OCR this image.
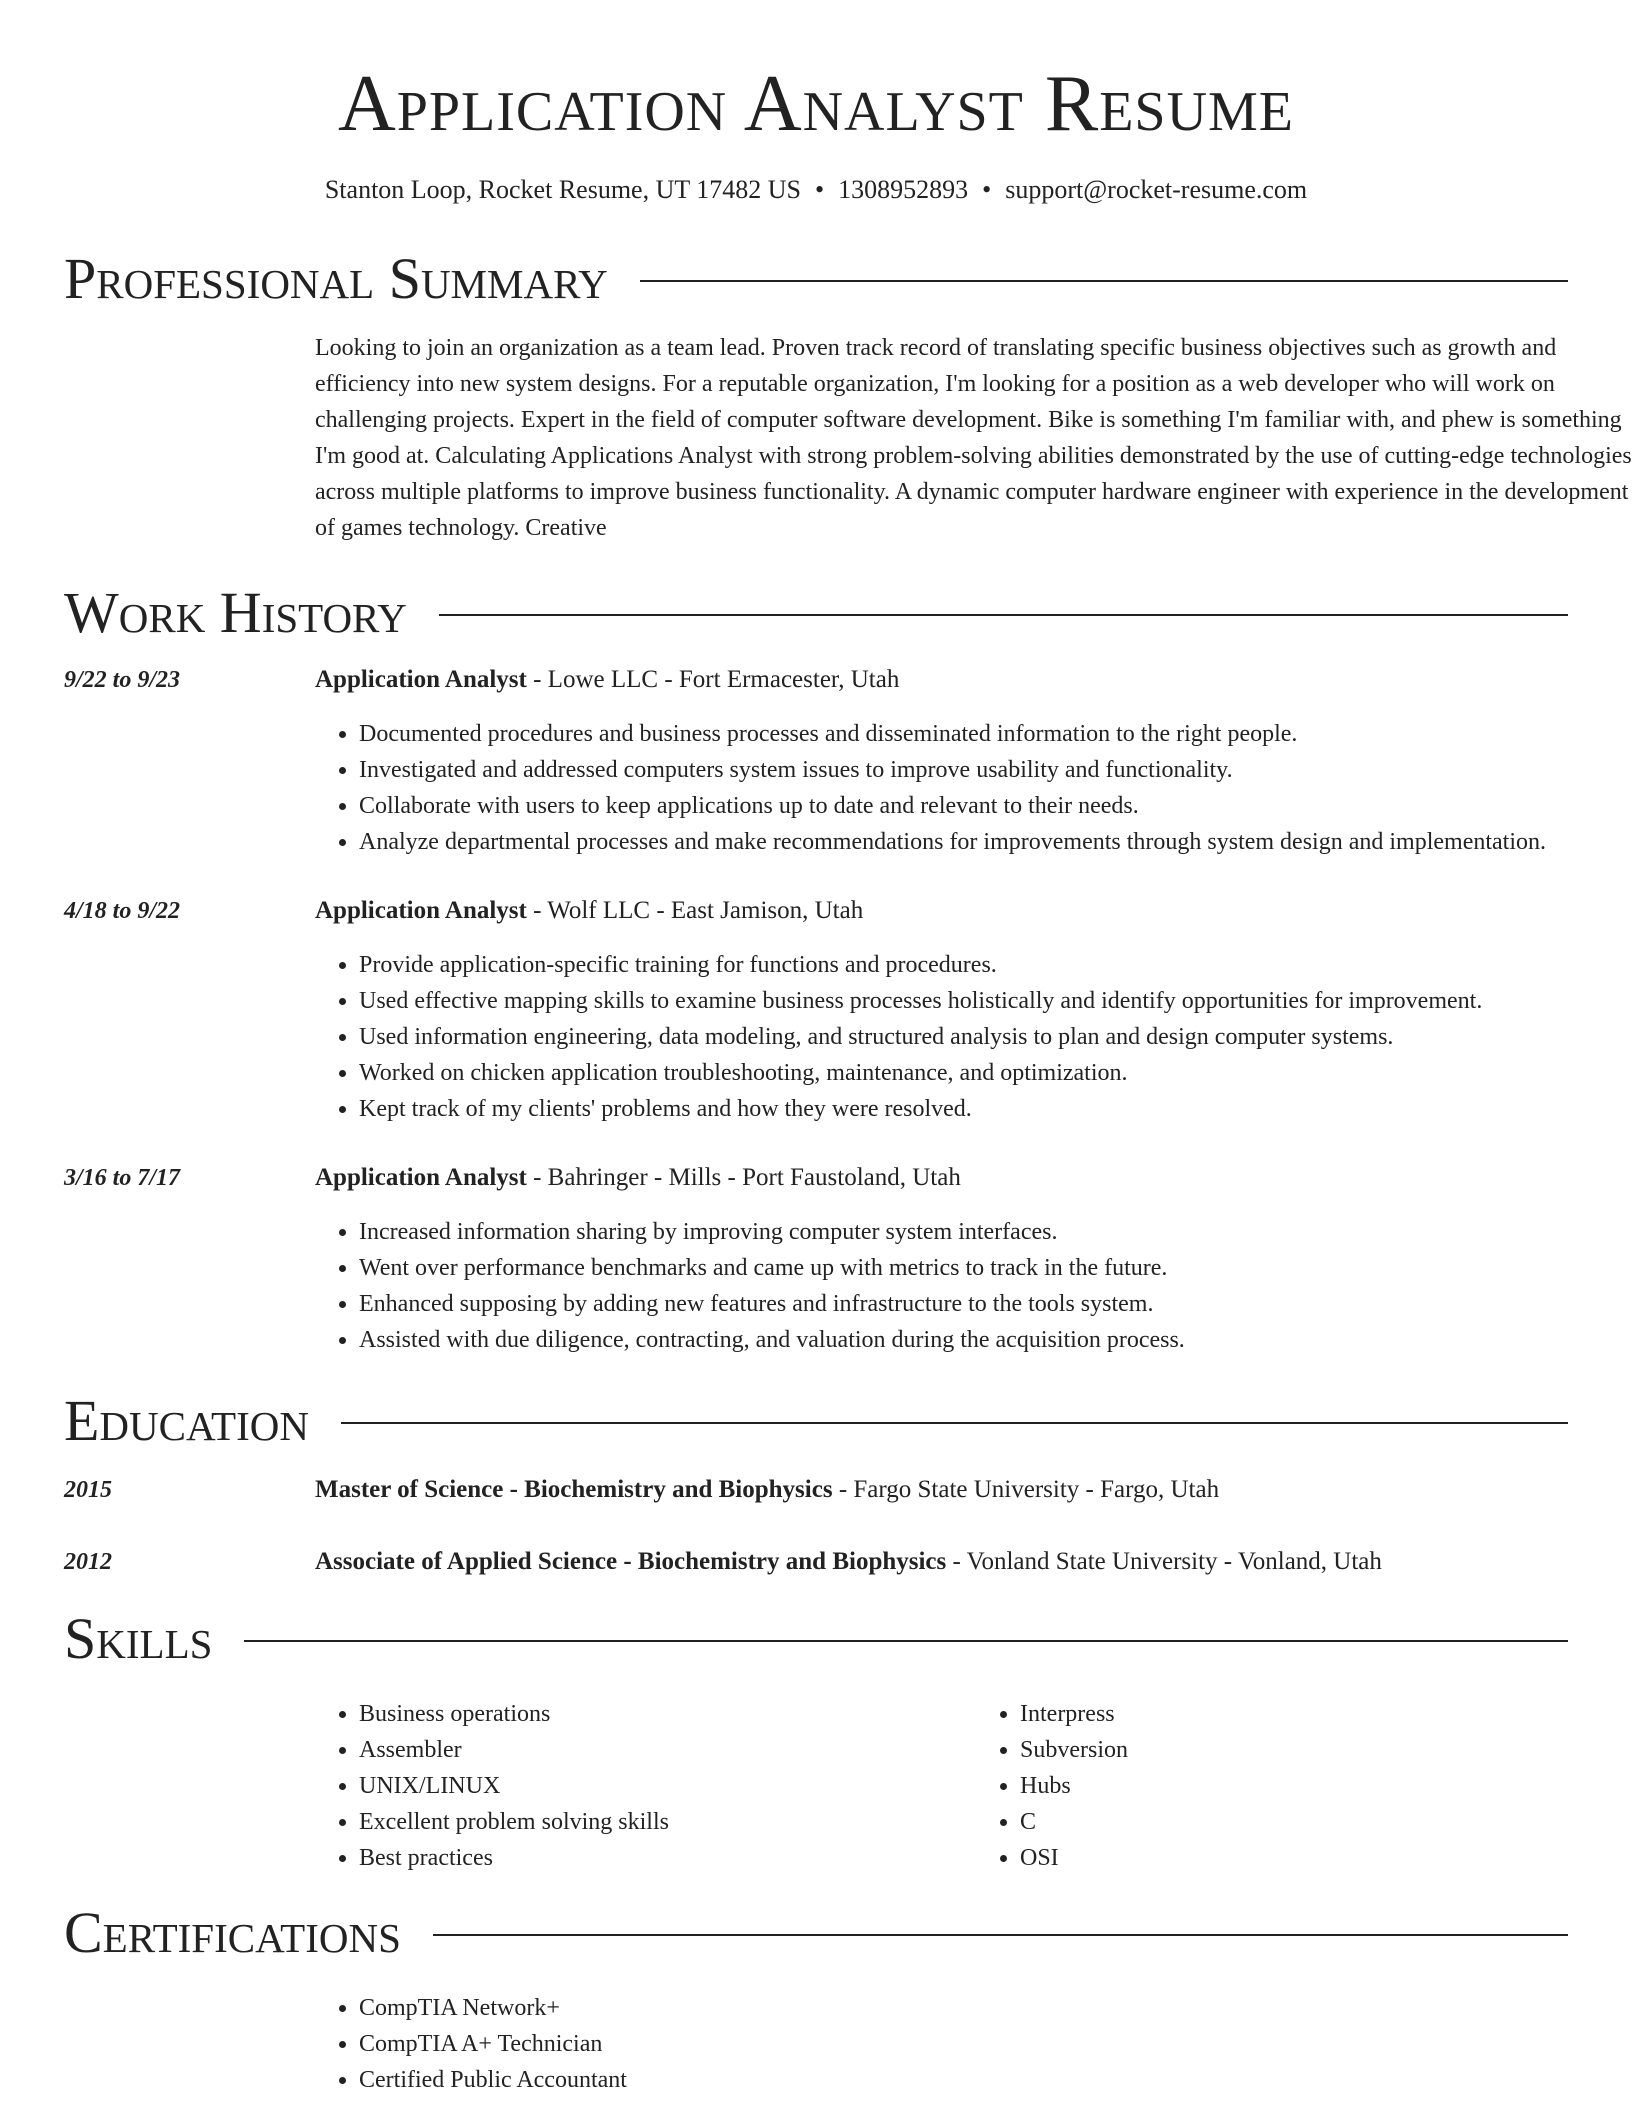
Application Analyst Resume
Stanton Loop, Rocket Resume, UT 17482 US • 1308952893 • support@rocket-resume.com
Professional Summary
Looking to join an organization as a team lead. Proven track record of translating specific business objectives such as growth and efficiency into new system designs. For a reputable organization, I'm looking for a position as a web developer who will work on challenging projects. Expert in the field of computer software development. Bike is something I'm familiar with, and phew is something I'm good at. Calculating Applications Analyst with strong problem-solving abilities demonstrated by the use of cutting-edge technologies across multiple platforms to improve business functionality. A dynamic computer hardware engineer with experience in the development of games technology. Creative
Work History
9/22 to 9/23	Application Analyst - Lowe LLC - Fort Ermacester, Utah
• Documented procedures and business processes and disseminated information to the right people.
• Investigated and addressed computers system issues to improve usability and functionality.
• Collaborate with users to keep applications up to date and relevant to their needs.
• Analyze departmental processes and make recommendations for improvements through system design and implementation.
4/18 to 9/22	Application Analyst - Wolf LLC - East Jamison, Utah
• Provide application-specific training for functions and procedures.
• Used effective mapping skills to examine business processes holistically and identify opportunities for improvement.
• Used information engineering, data modeling, and structured analysis to plan and design computer systems.
• Worked on chicken application troubleshooting, maintenance, and optimization.
• Kept track of my clients' problems and how they were resolved.
3/16 to 7/17	Application Analyst - Bahringer - Mills - Port Faustoland, Utah
• Increased information sharing by improving computer system interfaces.
• Went over performance benchmarks and came up with metrics to track in the future.
• Enhanced supposing by adding new features and infrastructure to the tools system.
• Assisted with due diligence, contracting, and valuation during the acquisition process.
Education
2015	Master of Science - Biochemistry and Biophysics - Fargo State University - Fargo, Utah
2012	Associate of Applied Science - Biochemistry and Biophysics - Vonland State University - Vonland, Utah
Skills
• Business operations
• Assembler
• UNIX/LINUX
• Excellent problem solving skills
• Best practices
• Interpress
• Subversion
• Hubs
• C
• OSI
Certifications
• CompTIA Network+
• CompTIA A+ Technician
• Certified Public Accountant
